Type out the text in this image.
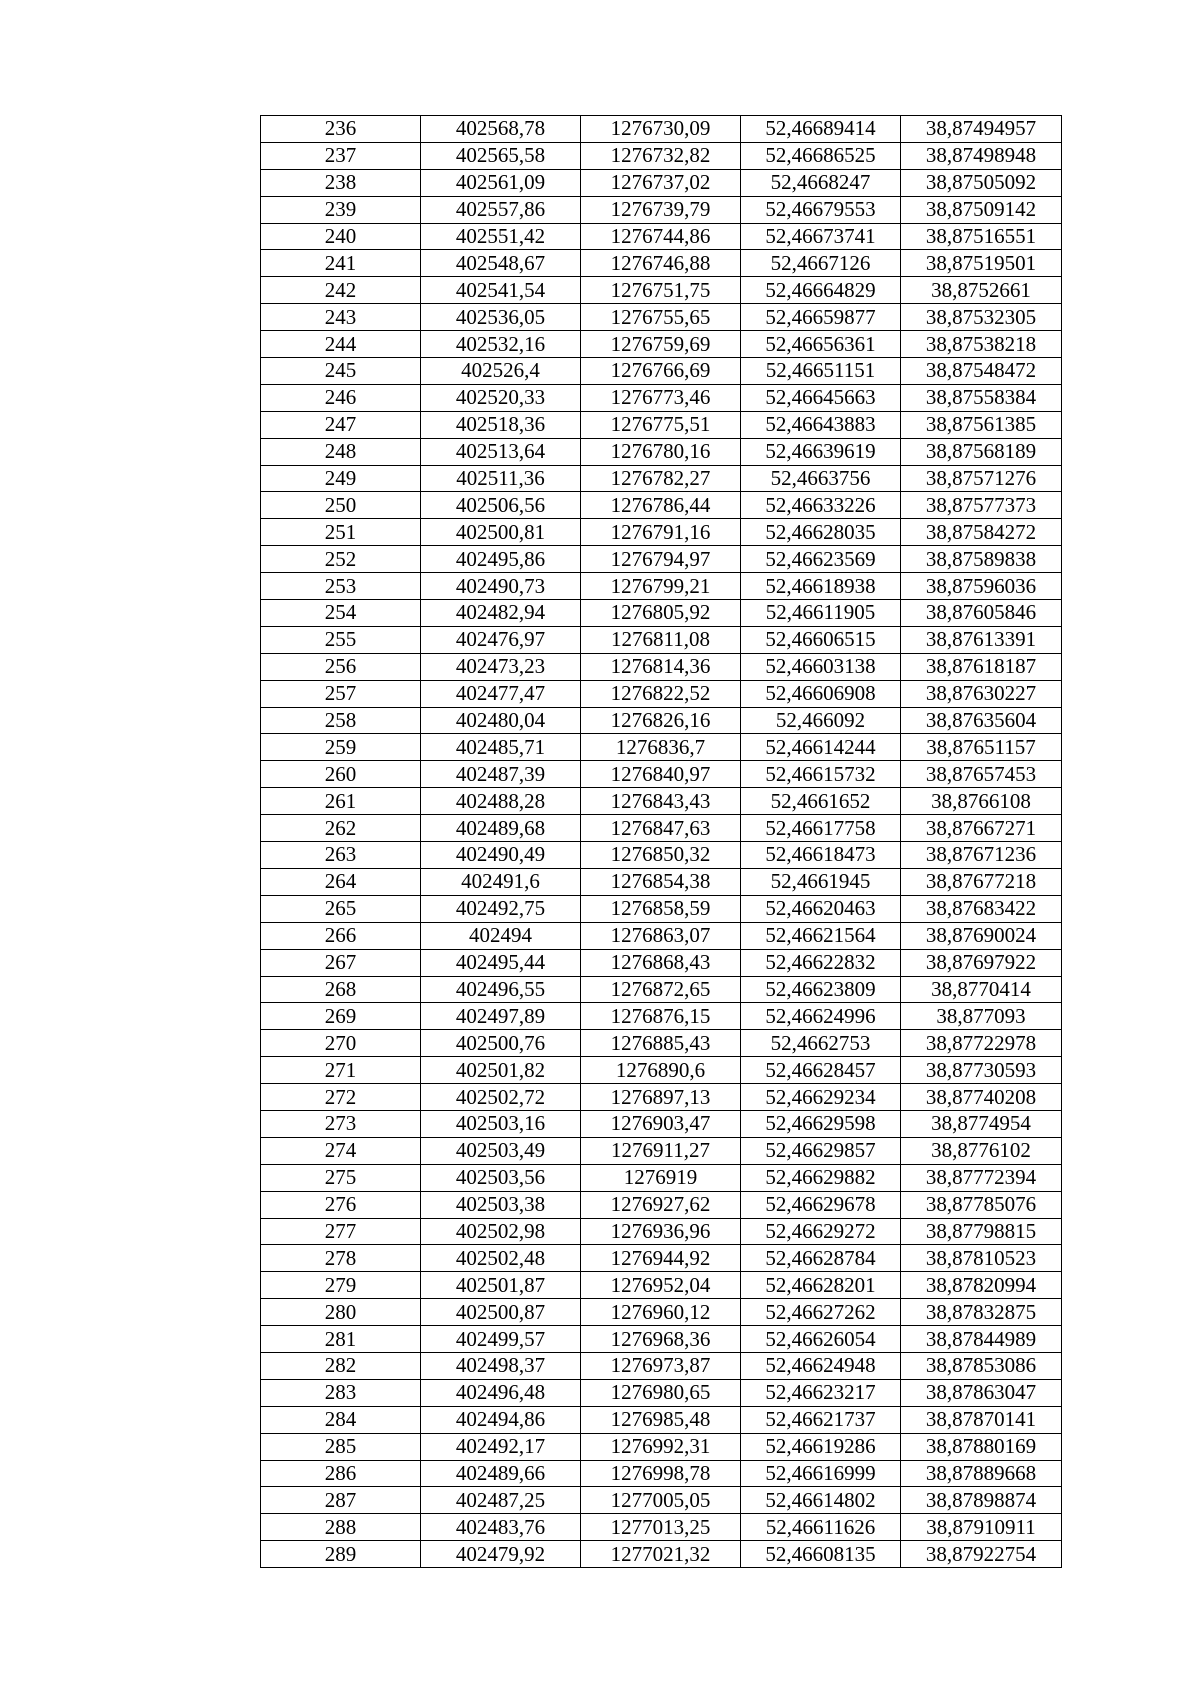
236	402568,78	1276730,09	52,46689414	38,87494957
237	402565,58	1276732,82	52,46686525	38,87498948
238	402561,09	1276737,02	52,4668247	38,87505092
239	402557,86	1276739,79	52,46679553	38,87509142
240	402551,42	1276744,86	52,46673741	38,87516551
241	402548,67	1276746,88	52,4667126	38,87519501
242	402541,54	1276751,75	52,46664829	38,8752661
243	402536,05	1276755,65	52,46659877	38,87532305
244	402532,16	1276759,69	52,46656361	38,87538218
245	402526,4	1276766,69	52,46651151	38,87548472
246	402520,33	1276773,46	52,46645663	38,87558384
247	402518,36	1276775,51	52,46643883	38,87561385
248	402513,64	1276780,16	52,46639619	38,87568189
249	402511,36	1276782,27	52,4663756	38,87571276
250	402506,56	1276786,44	52,46633226	38,87577373
251	402500,81	1276791,16	52,46628035	38,87584272
252	402495,86	1276794,97	52,46623569	38,87589838
253	402490,73	1276799,21	52,46618938	38,87596036
254	402482,94	1276805,92	52,46611905	38,87605846
255	402476,97	1276811,08	52,46606515	38,87613391
256	402473,23	1276814,36	52,46603138	38,87618187
257	402477,47	1276822,52	52,46606908	38,87630227
258	402480,04	1276826,16	52,466092	38,87635604
259	402485,71	1276836,7	52,46614244	38,87651157
260	402487,39	1276840,97	52,46615732	38,87657453
261	402488,28	1276843,43	52,4661652	38,8766108
262	402489,68	1276847,63	52,46617758	38,87667271
263	402490,49	1276850,32	52,46618473	38,87671236
264	402491,6	1276854,38	52,4661945	38,87677218
265	402492,75	1276858,59	52,46620463	38,87683422
266	402494	1276863,07	52,46621564	38,87690024
267	402495,44	1276868,43	52,46622832	38,87697922
268	402496,55	1276872,65	52,46623809	38,8770414
269	402497,89	1276876,15	52,46624996	38,877093
270	402500,76	1276885,43	52,4662753	38,87722978
271	402501,82	1276890,6	52,46628457	38,87730593
272	402502,72	1276897,13	52,46629234	38,87740208
273	402503,16	1276903,47	52,46629598	38,8774954
274	402503,49	1276911,27	52,46629857	38,8776102
275	402503,56	1276919	52,46629882	38,87772394
276	402503,38	1276927,62	52,46629678	38,87785076
277	402502,98	1276936,96	52,46629272	38,87798815
278	402502,48	1276944,92	52,46628784	38,87810523
279	402501,87	1276952,04	52,46628201	38,87820994
280	402500,87	1276960,12	52,46627262	38,87832875
281	402499,57	1276968,36	52,46626054	38,87844989
282	402498,37	1276973,87	52,46624948	38,87853086
283	402496,48	1276980,65	52,46623217	38,87863047
284	402494,86	1276985,48	52,46621737	38,87870141
285	402492,17	1276992,31	52,46619286	38,87880169
286	402489,66	1276998,78	52,46616999	38,87889668
287	402487,25	1277005,05	52,46614802	38,87898874
288	402483,76	1277013,25	52,46611626	38,87910911
289	402479,92	1277021,32	52,46608135	38,87922754
